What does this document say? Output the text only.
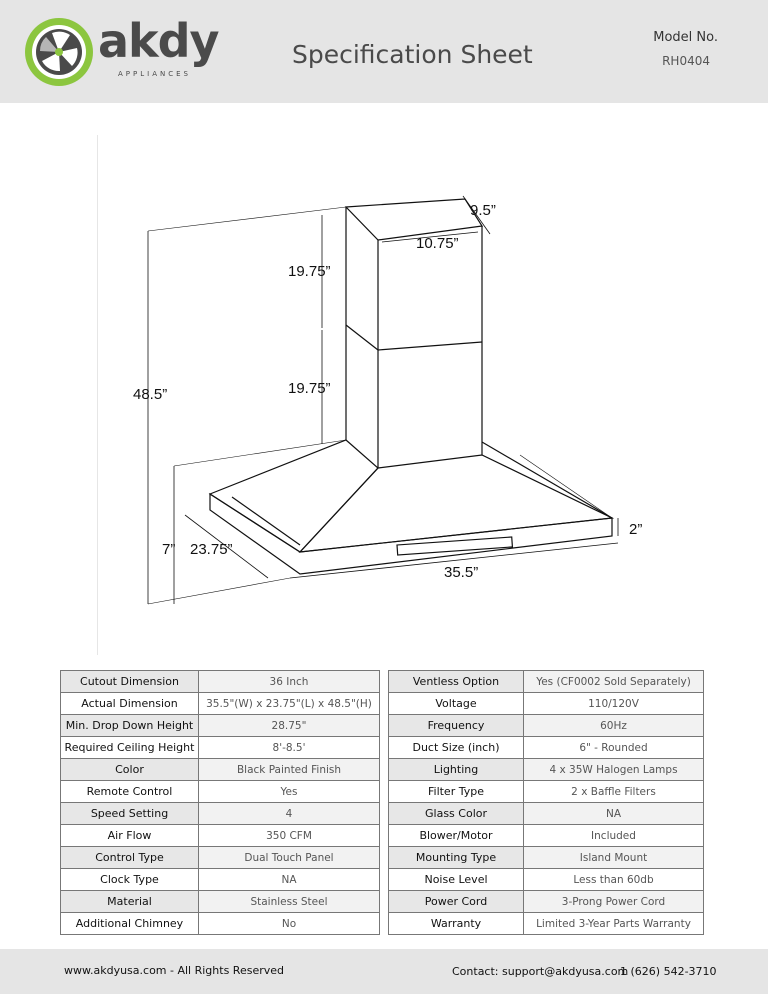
akdy
APPLIANCES
Specification Sheet
Model No.
RH0404
9.5”
10.75”
19.75”
19.75”
48.5”
7” 23.75”
35.5”
2”
Cutout Dimension	36 Inch
Actual Dimension	35.5"(W) x 23.75"(L) x 48.5"(H)
Min. Drop Down Height	28.75"
Required Ceiling Height	8'-8.5'
Color	Black Painted Finish
Remote Control	Yes
Speed Setting	4
Air Flow	350 CFM
Control Type	Dual Touch Panel
Clock Type	NA
Material	Stainless Steel
Additional Chimney	No
Ventless Option	Yes (CF0002 Sold Separately)
Voltage	110/120V
Frequency	60Hz
Duct Size (inch)	6" - Rounded
Lighting	4 x 35W Halogen Lamps
Filter Type	2 x Baffle Filters
Glass Color	NA
Blower/Motor	Included
Mounting Type	Island Mount
Noise Level	Less than 60db
Power Cord	3-Prong Power Cord
Warranty	Limited 3-Year Parts Warranty
www.akdyusa.com - All Rights Reserved	Contact: support@akdyusa.com
1 (626) 542-3710
